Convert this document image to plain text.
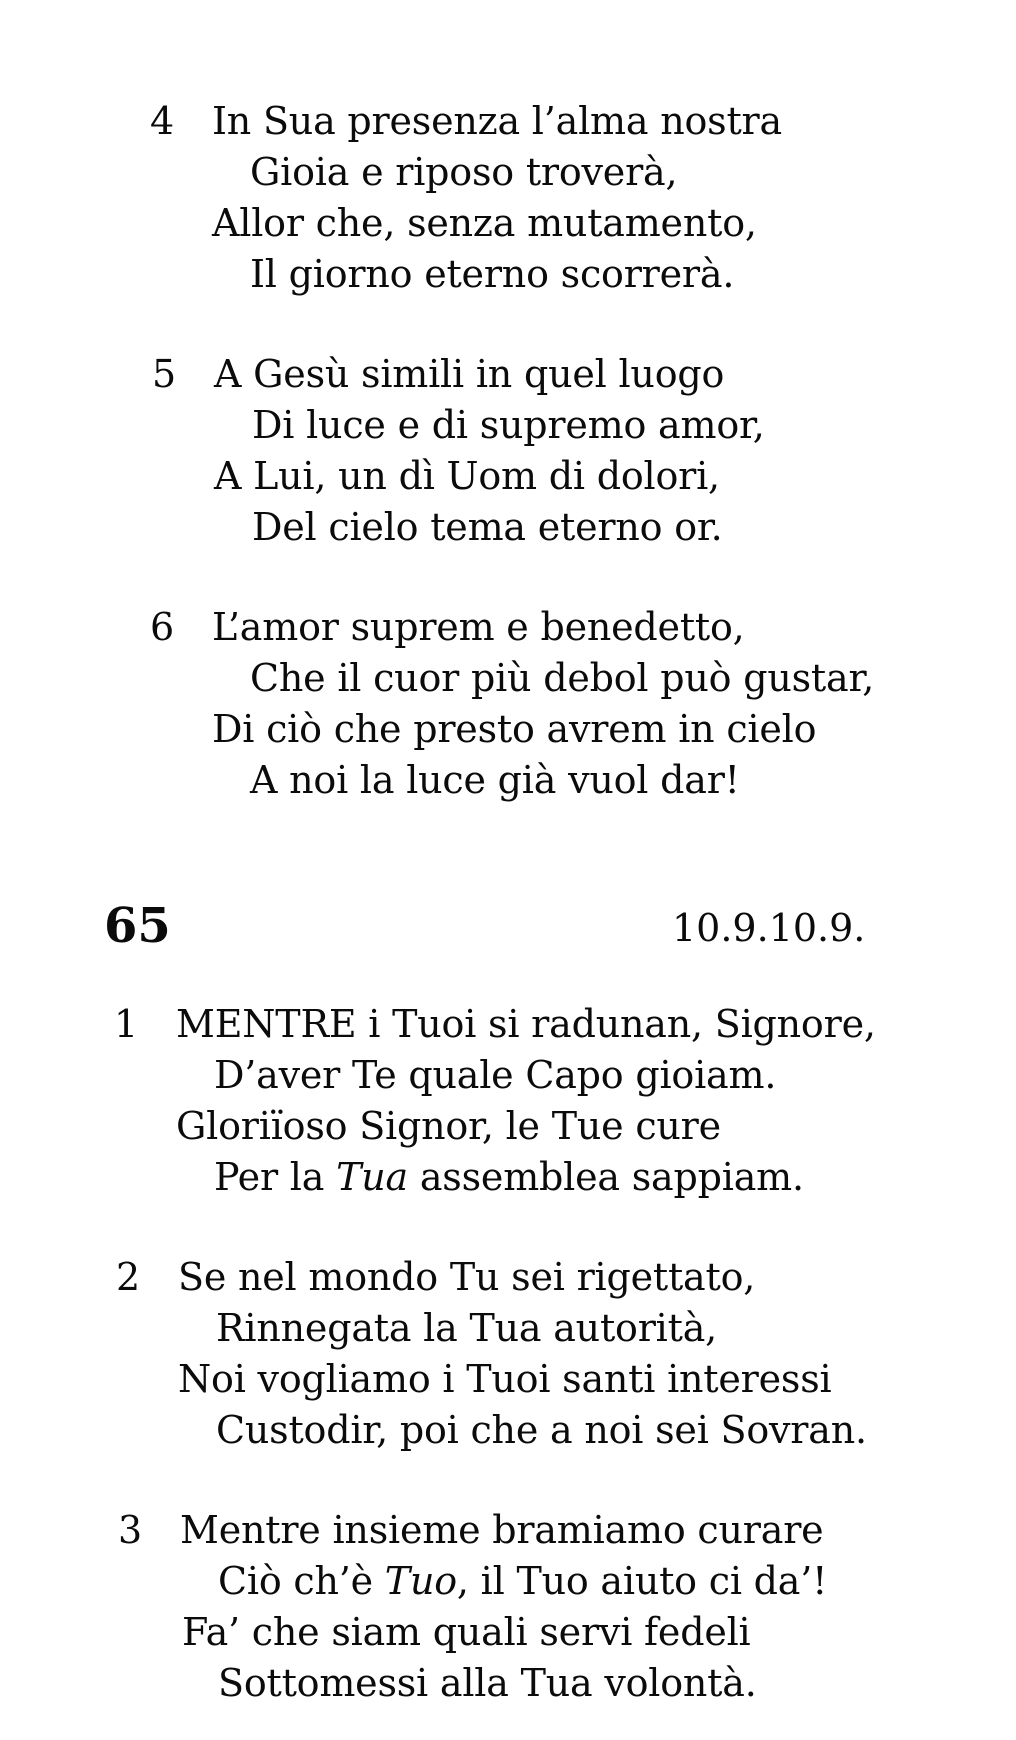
4 In Sua presenza l’alma nostra
Gioia e riposo troverà,
Allor che, senza mutamento,
Il giorno eterno scorrerà.
5 A Gesù simili in quel luogo
Di luce e di supremo amor,
A Lui, un dì Uom di dolori,
Del cielo tema eterno or.
6 L’amor suprem e benedetto,
Che il cuor più debol può gustar,
Di ciò che presto avrem in cielo
A noi la luce già vuol dar!
65	10.9.10.9.
1 MENTRE i Tuoi si radunan, Signore,
D’aver Te quale Capo gioiam.
Gloriïoso Signor, le Tue cure
Per la Tua assemblea sappiam.
2 Se nel mondo Tu sei rigettato,
Rinnegata la Tua autorità,
Noi vogliamo i Tuoi santi interessi
Custodir, poi che a noi sei Sovran.
3 Mentre insieme bramiamo curare
Ciò ch’è Tuo, il Tuo aiuto ci da’!
Fa’ che siam quali servi fedeli
Sottomessi alla Tua volontà.
